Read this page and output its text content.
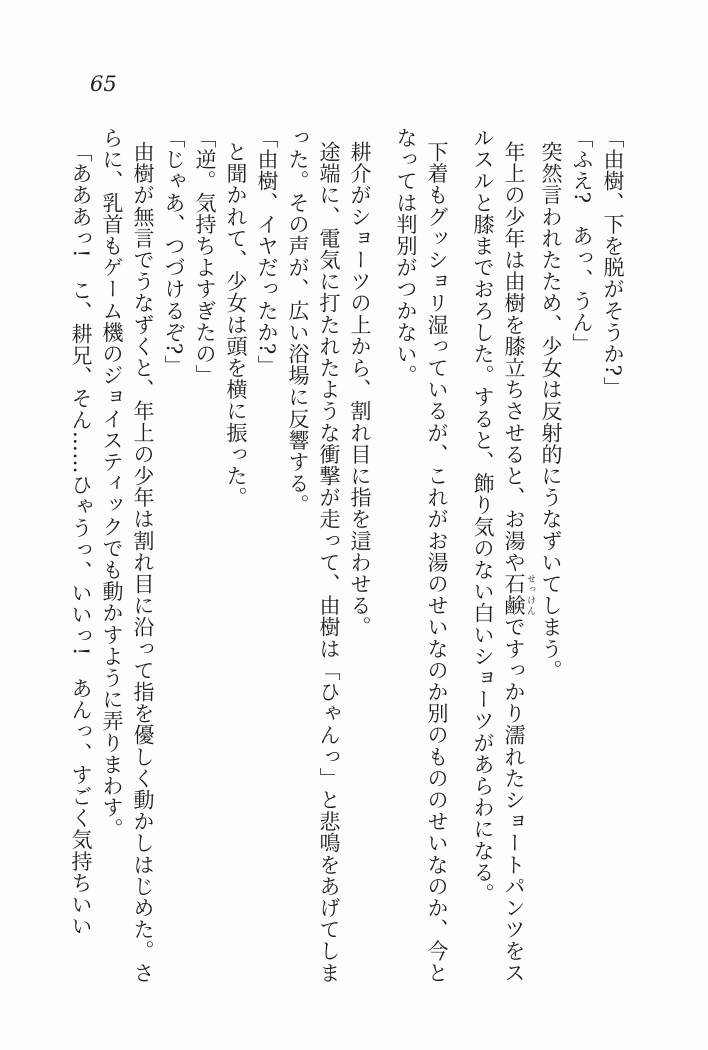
65

「由樹、下を脱がそうか?」

「ふえ?　あっ、うん」

突然言われたため、少女は反射的にうなずいてしまう。

年上の少年は由樹を膝立ちさせると、お湯や石鹸 せっけんですっかり濡れたショートパンツをスルスルと膝までおろした。すると、飾り気のない白いショーツがあらわになる。

下着もグッショリ湿っているが、これがお湯のせいなのか別のもののせいなのか、今となっては判別がつかない。

耕介がショーツの上から、割れ目に指を這わせる。

途端に、電気に打たれたような衝撃が走って、由樹は「ひゃんっ」と悲鳴をあげてしまった。その声が、広い浴場に反響する。

「由樹、イヤだったか?」

と聞かれて、少女は頭を横に振った。

「逆。気持ちよすぎたの」

「じゃあ、つづけるぞ?」

由樹が無言でうなずくと、年上の少年は割れ目に沿って指を優しく動かしはじめた。さらに、乳首もゲーム機のジョイスティックでも動かすように弄りまわす。

「あああっ!　こ、耕兄、そん……ひゃうっ、いいっ!　あんっ、すごく気持ちいい
